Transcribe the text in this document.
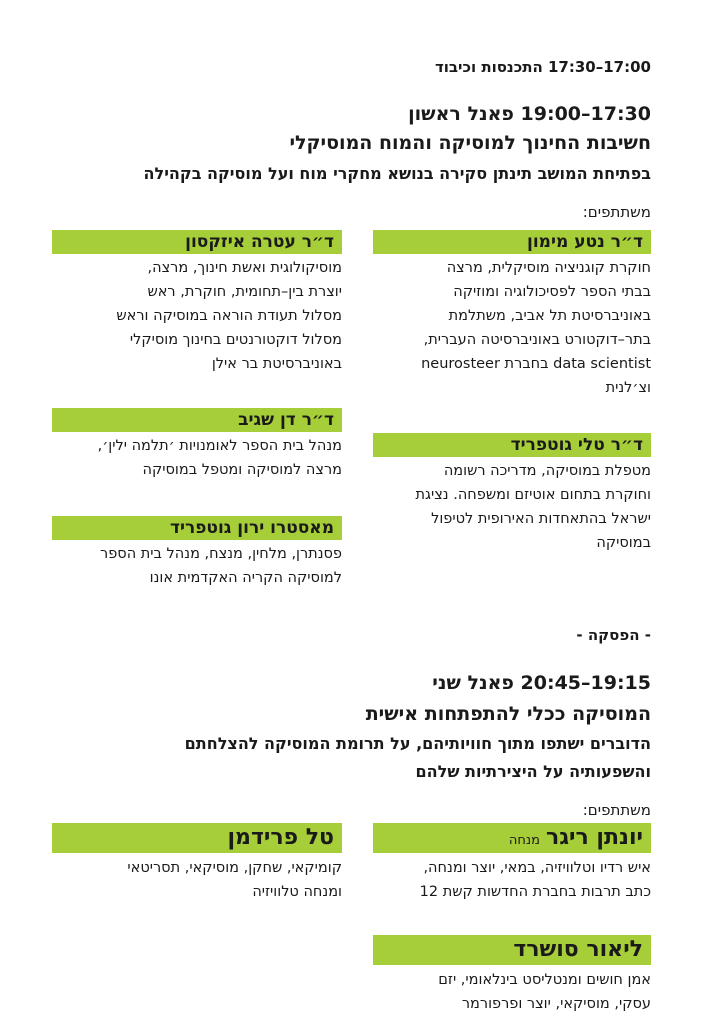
17:00–17:30 התכנסות וכיבוד
17:30–19:00 פאנל ראשון
חשיבות החינוך למוסיקה והמוח המוסיקלי
בפתיחת המושב תינתן סקירה בנושא מחקרי מוח ועל מוסיקה בקהילה
משתתפים:
ד״ר נטע מימון
חוקרת קוגניציה מוסיקלית, מרצה
בבתי הספר לפסיכולוגיה ומוזיקה
באוניברסיטת תל אביב, משתלמת
בתר–דוקטורט באוניברסיטה העברית,
data scientist בחברת neurosteer
וצ׳לנית
ד״ר טלי גוטפריד
מטפלת במוסיקה, מדריכה רשומה
וחוקרת בתחום אוטיזם ומשפחה. נציגת
ישראל בהתאחדות האירופית לטיפול
במוסיקה
ד״ר עטרה איזקסון
מוסיקולוגית ואשת חינוך, מרצה,
יוצרת בין–תחומית, חוקרת, ראש
מסלול תעודת הוראה במוסיקה וראש
מסלול דוקטורנטים בחינוך מוסיקלי
באוניברסיטת בר אילן
ד״ר דן שגיב
מנהל בית הספר לאומנויות ׳תלמה ילין׳,
מרצה למוסיקה ומטפל במוסיקה
מאסטרו ירון גוטפריד
פסנתרן, מלחין, מנצח, מנהל בית הספר
למוסיקה הקריה האקדמית אונו
- הפסקה -
19:15–20:45 פאנל שני
המוסיקה ככלי להתפתחות אישית
הדוברים ישתפו מתוך חוויותיהם, על תרומת המוסיקה להצלחתם
והשפעותיה על היצירתיות שלהם
משתתפים:
יונתן ריגרמנחה
איש רדיו וטלוויזיה, במאי, יוצר ומנחה,
כתב תרבות בחברת החדשות קשת 12
ליאור סושרד
אמן חושים ומנטליסט בינלאומי, יזם
עסקי, מוסיקאי, יוצר ופרפורמר
טל פרידמן
קומיקאי, שחקן, מוסיקאי, תסריטאי
ומנחה טלוויזיה
